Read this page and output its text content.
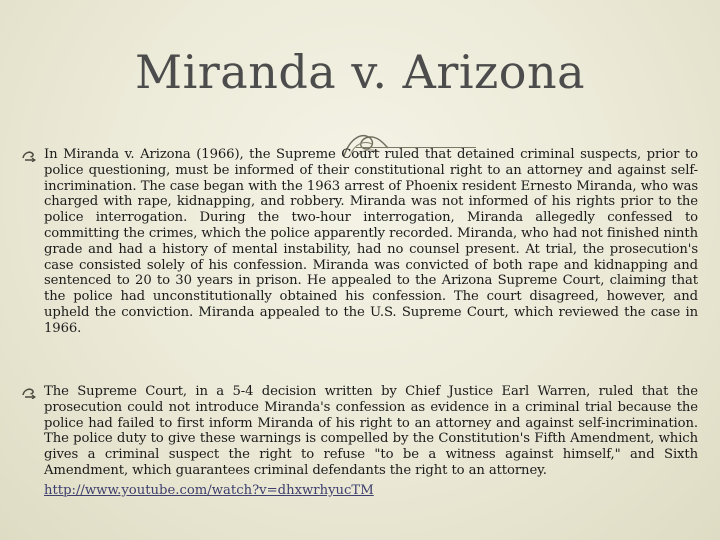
Miranda v. Arizona

In Miranda v. Arizona (1966), the Supreme Court ruled that detained criminal suspects, prior to police questioning, must be informed of their constitutional right to an attorney and against self-incrimination. The case began with the 1963 arrest of Phoenix resident Ernesto Miranda, who was charged with rape, kidnapping, and robbery. Miranda was not informed of his rights prior to the police interrogation. During the two-hour interrogation, Miranda allegedly confessed to committing the crimes, which the police apparently recorded. Miranda, who had not finished ninth grade and had a history of mental instability, had no counsel present. At trial, the prosecution's case consisted solely of his confession. Miranda was convicted of both rape and kidnapping and sentenced to 20 to 30 years in prison. He appealed to the Arizona Supreme Court, claiming that the police had unconstitutionally obtained his confession. The court disagreed, however, and upheld the conviction. Miranda appealed to the U.S. Supreme Court, which reviewed the case in 1966.

The Supreme Court, in a 5-4 decision written by Chief Justice Earl Warren, ruled that the prosecution could not introduce Miranda's confession as evidence in a criminal trial because the police had failed to first inform Miranda of his right to an attorney and against self-incrimination. The police duty to give these warnings is compelled by the Constitution's Fifth Amendment, which gives a criminal suspect the right to refuse "to be a witness against himself," and Sixth Amendment, which guarantees criminal defendants the right to an attorney.

http://www.youtube.com/watch?v=dhxwrhyucTM
